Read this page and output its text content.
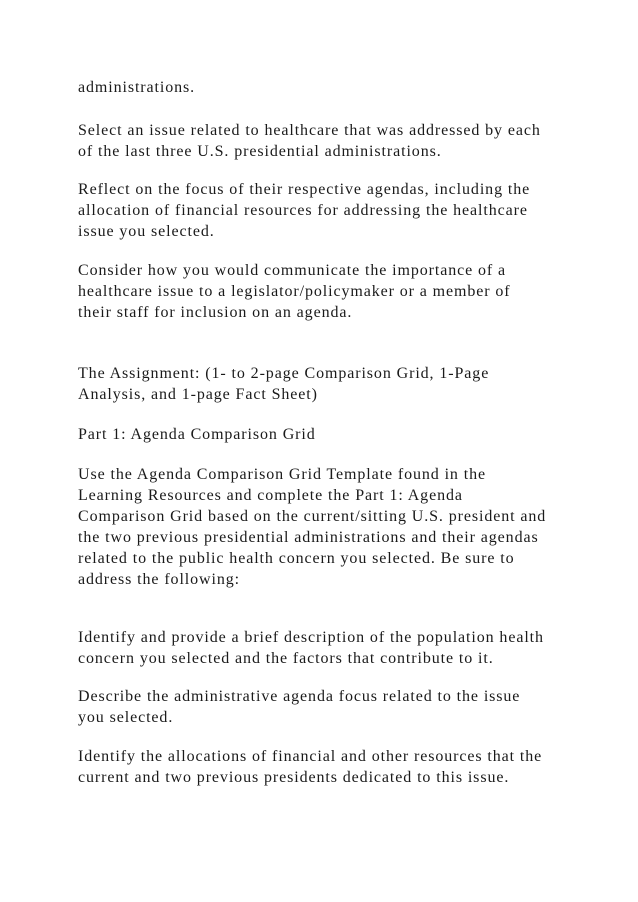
administrations.

Select an issue related to healthcare that was addressed by each
of the last three U.S. presidential administrations.

Reflect on the focus of their respective agendas, including the
allocation of financial resources for addressing the healthcare
issue you selected.

Consider how you would communicate the importance of a
healthcare issue to a legislator/policymaker or a member of
their staff for inclusion on an agenda.

The Assignment: (1- to 2-page Comparison Grid, 1-Page
Analysis, and 1-page Fact Sheet)

Part 1: Agenda Comparison Grid

Use the Agenda Comparison Grid Template found in the
Learning Resources and complete the Part 1: Agenda
Comparison Grid based on the current/sitting U.S. president and
the two previous presidential administrations and their agendas
related to the public health concern you selected. Be sure to
address the following:

Identify and provide a brief description of the population health
concern you selected and the factors that contribute to it.

Describe the administrative agenda focus related to the issue
you selected.

Identify the allocations of financial and other resources that the
current and two previous presidents dedicated to this issue.
